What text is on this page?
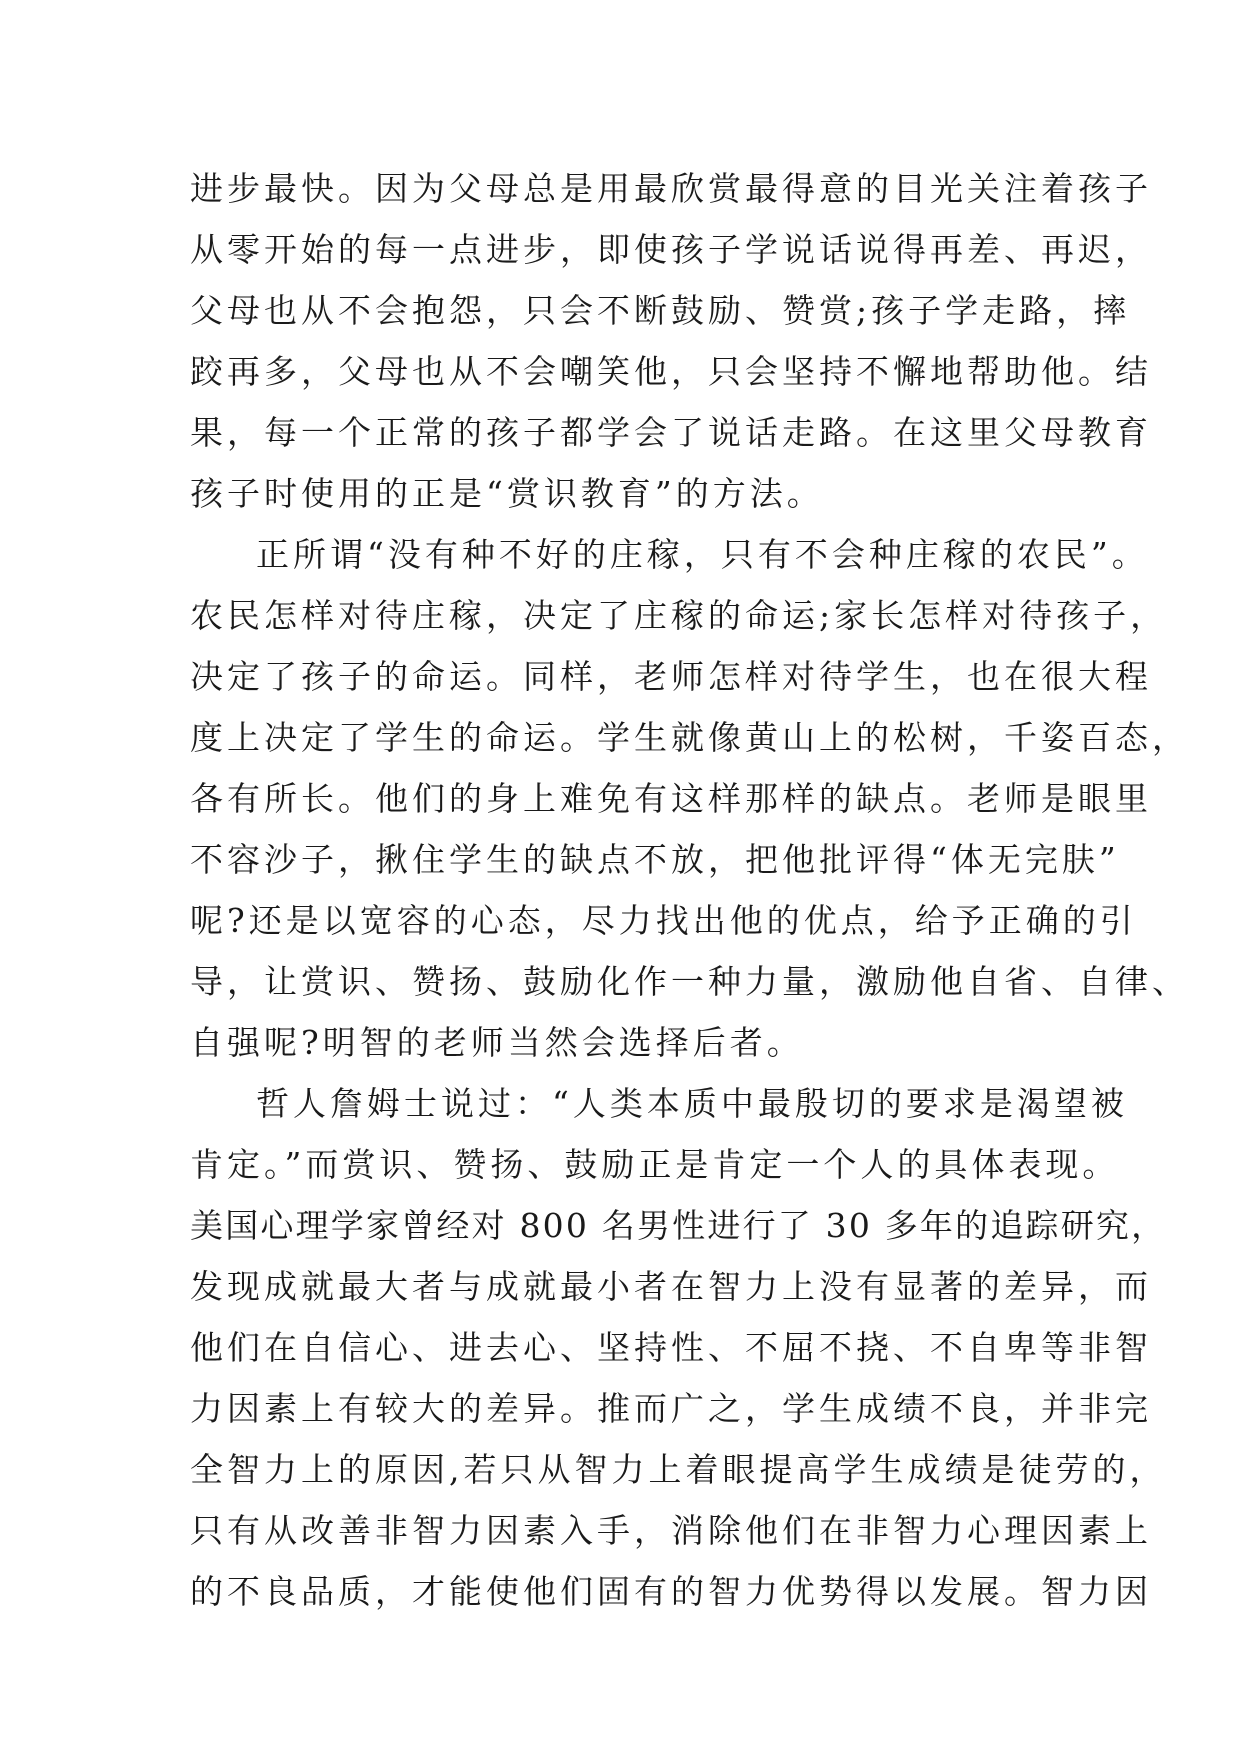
进步最快。因为父母总是用最欣赏最得意的目光关注着孩子
从零开始的每一点进步，即使孩子学说话说得再差、再迟，
父母也从不会抱怨，只会不断鼓励、赞赏;孩子学走路，摔
跤再多，父母也从不会嘲笑他，只会坚持不懈地帮助他。结
果，每一个正常的孩子都学会了说话走路。在这里父母教育
孩子时使用的正是“赏识教育”的方法。
正所谓“没有种不好的庄稼，只有不会种庄稼的农民”。
农民怎样对待庄稼，决定了庄稼的命运;家长怎样对待孩子，
决定了孩子的命运。同样，老师怎样对待学生，也在很大程
度上决定了学生的命运。学生就像黄山上的松树，千姿百态，
各有所长。他们的身上难免有这样那样的缺点。老师是眼里
不容沙子，揪住学生的缺点不放，把他批评得“体无完肤”
呢?还是以宽容的心态，尽力找出他的优点，给予正确的引
导，让赏识、赞扬、鼓励化作一种力量，激励他自省、自律、
自强呢?明智的老师当然会选择后者。
哲人詹姆士说过：“人类本质中最殷切的要求是渴望被
肯定。”而赏识、赞扬、鼓励正是肯定一个人的具体表现。
美国心理学家曾经对 800 名男性进行了 30 多年的追踪研究，
发现成就最大者与成就最小者在智力上没有显著的差异，而
他们在自信心、进去心、坚持性、不屈不挠、不自卑等非智
力因素上有较大的差异。推而广之，学生成绩不良，并非完
全智力上的原因,若只从智力上着眼提高学生成绩是徒劳的，
只有从改善非智力因素入手，消除他们在非智力心理因素上
的不良品质，才能使他们固有的智力优势得以发展。智力因
